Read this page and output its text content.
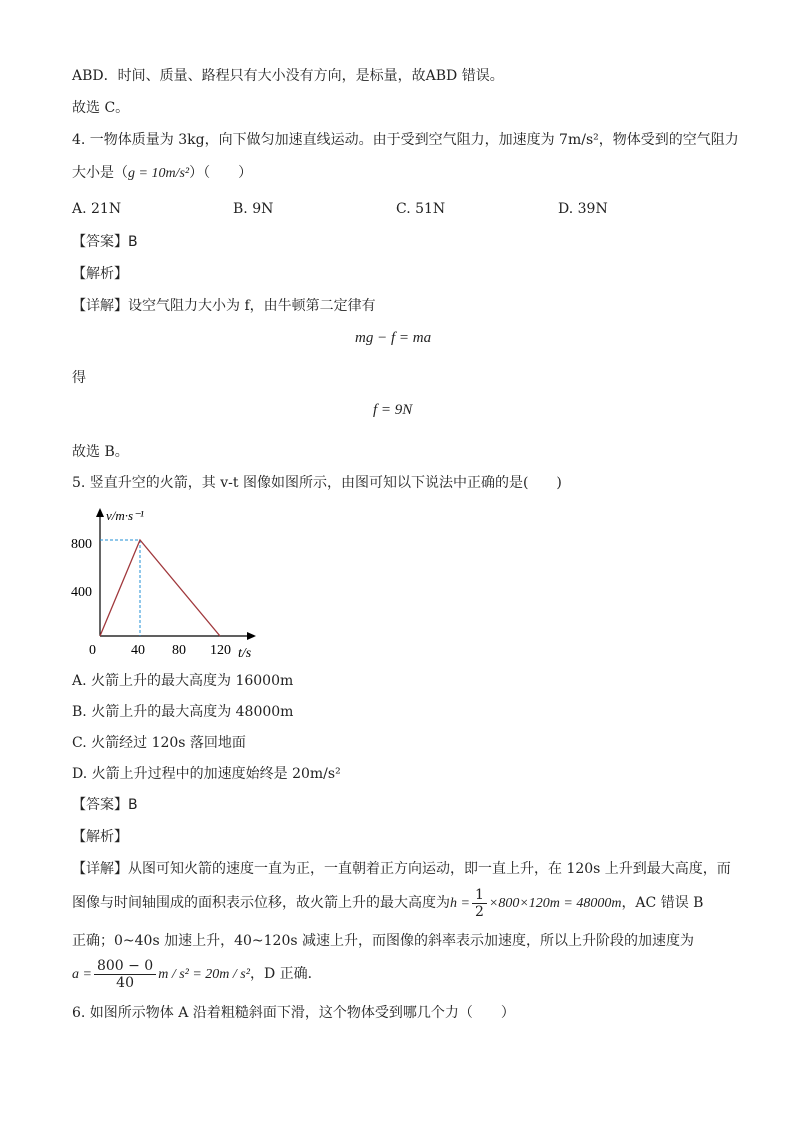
ABD．时间、质量、路程只有大小没有方向，是标量，故ABD 错误。
故选 C。
4. 一物体质量为 3kg，向下做匀加速直线运动。由于受到空气阻力，加速度为 7m/s²，物体受到的空气阻力
大小是（g = 10m/s²）（　　）
A. 21N	B. 9N	C. 51N	D. 39N
【答案】B
【解析】
【详解】设空气阻力大小为 f，由牛顿第二定律有
mg − f = ma
得
f = 9N
故选 B。
5. 竖直升空的火箭，其 v-t 图像如图所示，由图可知以下说法中正确的是(　　)
800
400
0	40 80 120 t/s
v/m·s⁻¹
A. 火箭上升的最大高度为 16000m
B. 火箭上升的最大高度为 48000m
C. 火箭经过 120s 落回地面
D. 火箭上升过程中的加速度始终是 20m/s²
【答案】B
【解析】
【详解】从图可知火箭的速度一直为正，一直朝着正方向运动，即一直上升，在 120s 上升到最大高度，而
图像与时间轴围成的面积表示位移，故火箭上升的最大高度为$h = \frac{1}{2} \times 800\times 120m = 48000m$，AC 错误 B
正确；0~40s 加速上升，40~120s 减速上升，而图像的斜率表示加速度，所以上升阶段的加速度为
$a = \frac{800 - 0}{40}$ m / s² = 20m / s²，D 正确．
6. 如图所示物体 A 沿着粗糙斜面下滑，这个物体受到哪几个力（　　）
